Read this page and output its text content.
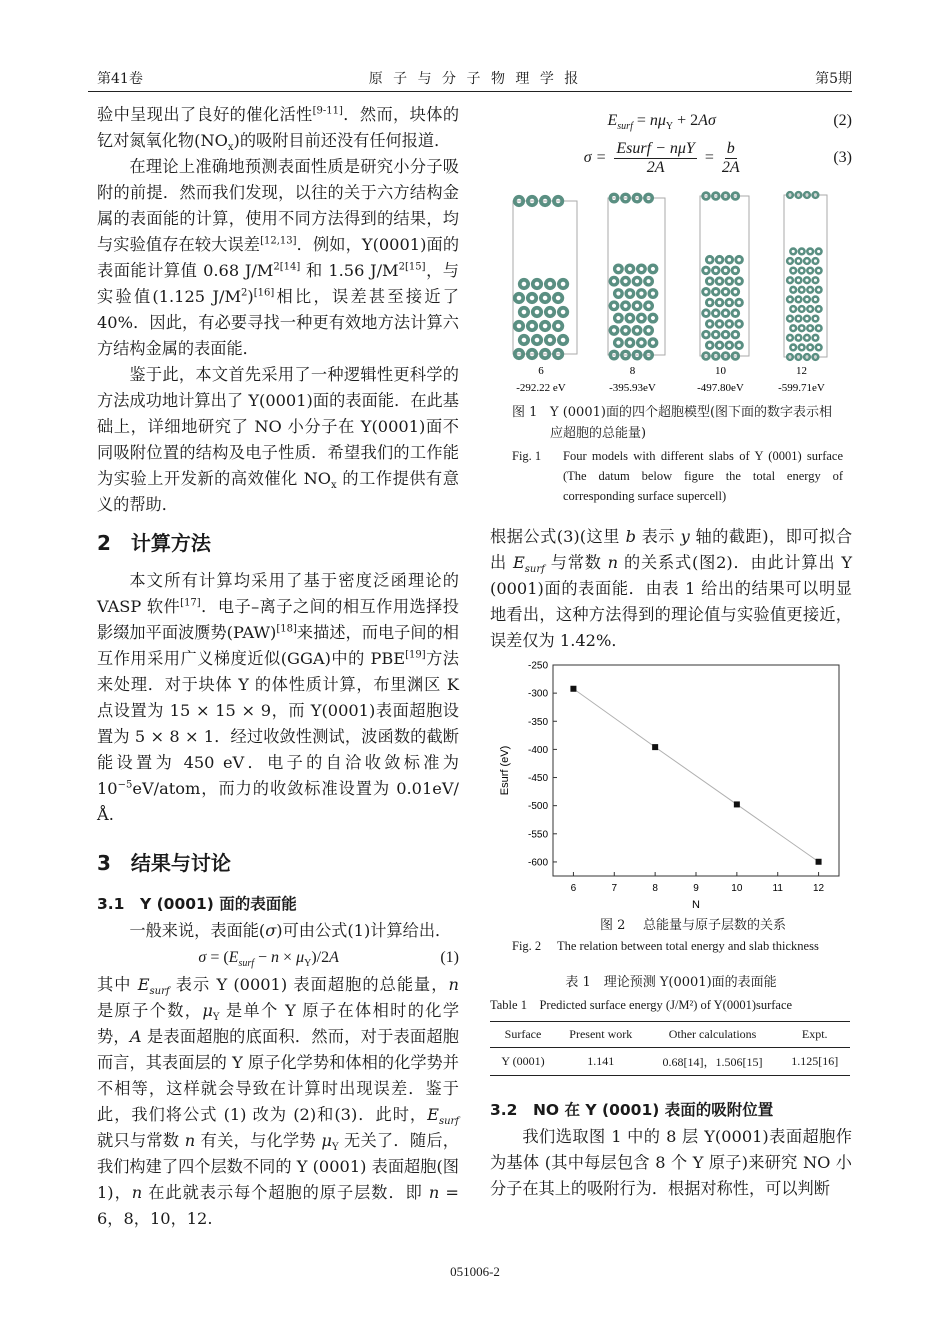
第41卷	原 子 与 分 子 物 理 学 报	第5期
验中呈现出了良好的催化活性[9-11]．然而，块体的钇对氮氧化物$(NO_x)$的吸附目前还没有任何报道．
在理论上准确地预测表面性质是研究小分子吸附的前提．然而我们发现，以往的关于六方结构金属的表面能的计算，使用不同方法得到的结果，均与实验值存在较大误差[12,13]．例如，Y(0001)面的表面能计算值 0.68 $J/M^{2[14]}$ 和 1.56 $J/M^{2[15]}$，与实验值(1.125 $J/M^2)[16]$相比，误差甚至接近了40%．因此，有必要寻找一种更有效地方法计算六方结构金属的表面能．
鉴于此，本文首先采用了一种逻辑性更科学的方法成功地计算出了 Y(0001)面的表面能．在此基础上，详细地研究了 NO 小分子在 Y(0001)面不同吸附位置的结构及电子性质．希望我们的工作能为实验上开发新的高效催化 $NO_x$ 的工作提供有意义的帮助．
2　计算方法
本文所有计算均采用了基于密度泛函理论的 VASP 软件[17]．电子–离子之间的相互作用选择投影缀加平面波赝势(PAW)[18]来描述，而电子间的相互作用采用广义梯度近似(GGA)中的 PBE[19]方法来处理．对于块体 Y 的体性质计算，布里渊区 K 点设置为 15 × 15 × 9，而 Y(0001)表面超胞设置为 5 × 8 × 1．经过收敛性测试，波函数的截断能设置为 450 eV．电子的自洽收敛标准为 $10^{-5}eV$/atom，而力的收敛标准设置为 0.01eV/Å.
3　结果与讨论
3.1　Y (0001) 面的表面能
一般来说，表面能(σ)可由公式(1)计算给出．
$\sigma = (E_{surf} - n \times \mu_Y)/2A$	(1)
其中 $E_{surf}$ 表示 Y (0001) 表面超胞的总能量，n 是原子个数，$\mu_Y$ 是单个 Y 原子在体相时的化学势，A 是表面超胞的底面积．然而，对于表面超胞而言，其表面层的 Y 原子化学势和体相的化学势并不相等，这样就会导致在计算时出现误差．鉴于此，我们将公式 (1) 改为 (2)和(3)．此时，$E_{surf}$ 就只与常数 n 有关，与化学势 $\mu_Y$ 无关了．随后，我们构建了四个层数不同的 Y (0001) 表面超胞(图1)，n 在此就表示每个超胞的原子层数．即 n = 6，8，10，12.
$E_{surf} = n\mu_Y + 2A\sigma$	(2)
σ =
Esurf − nμY
2A
= $\frac{b}{2A}$	(3)
6
-292.22 eV
8
-395.93eV
10
-497.80eV
12
-599.71eV
图 1 Y (0001)面的四个超胞模型(图下面的数字表示相应超胞的总能量)
Fig. 1	Four models with different slabs of Y (0001) surface (The datum below figure the total energy of corresponding surface supercell)
根据公式(3)(这里 b 表示 y 轴的截距)，即可拟合出 $E_{surf}$ 与常数 n 的关系式(图2)．由此计算出 Y (0001)面的表面能．由表 1 给出的结果可以明显地看出，这种方法得到的理论值与实验值更接近，误差仅为 1.42%．
-250
-300
-350
-400
-450
-500
-550
-600
6	7	8	9	10	11	12
N
Esurf (eV)
图 2	总能量与原子层数的关系
Fig. 2	The relation between total energy and slab thickness
表 1　理论预测 Y(0001)面的表面能
Table 1　Predicted surface energy (J/M²) of Y(0001)surface
Surface	Present work	Other calculations	Expt.
Y (0001)	1.141	0.68[14]，1.506[15]	1.125[16]
3.2　NO 在 Y (0001) 表面的吸附位置
我们选取图 1 中的 8 层 Y(0001)表面超胞作为基体 (其中每层包含 8 个 Y 原子)来研究 NO 小分子在其上的吸附行为．根据对称性，可以判断
051006-2
